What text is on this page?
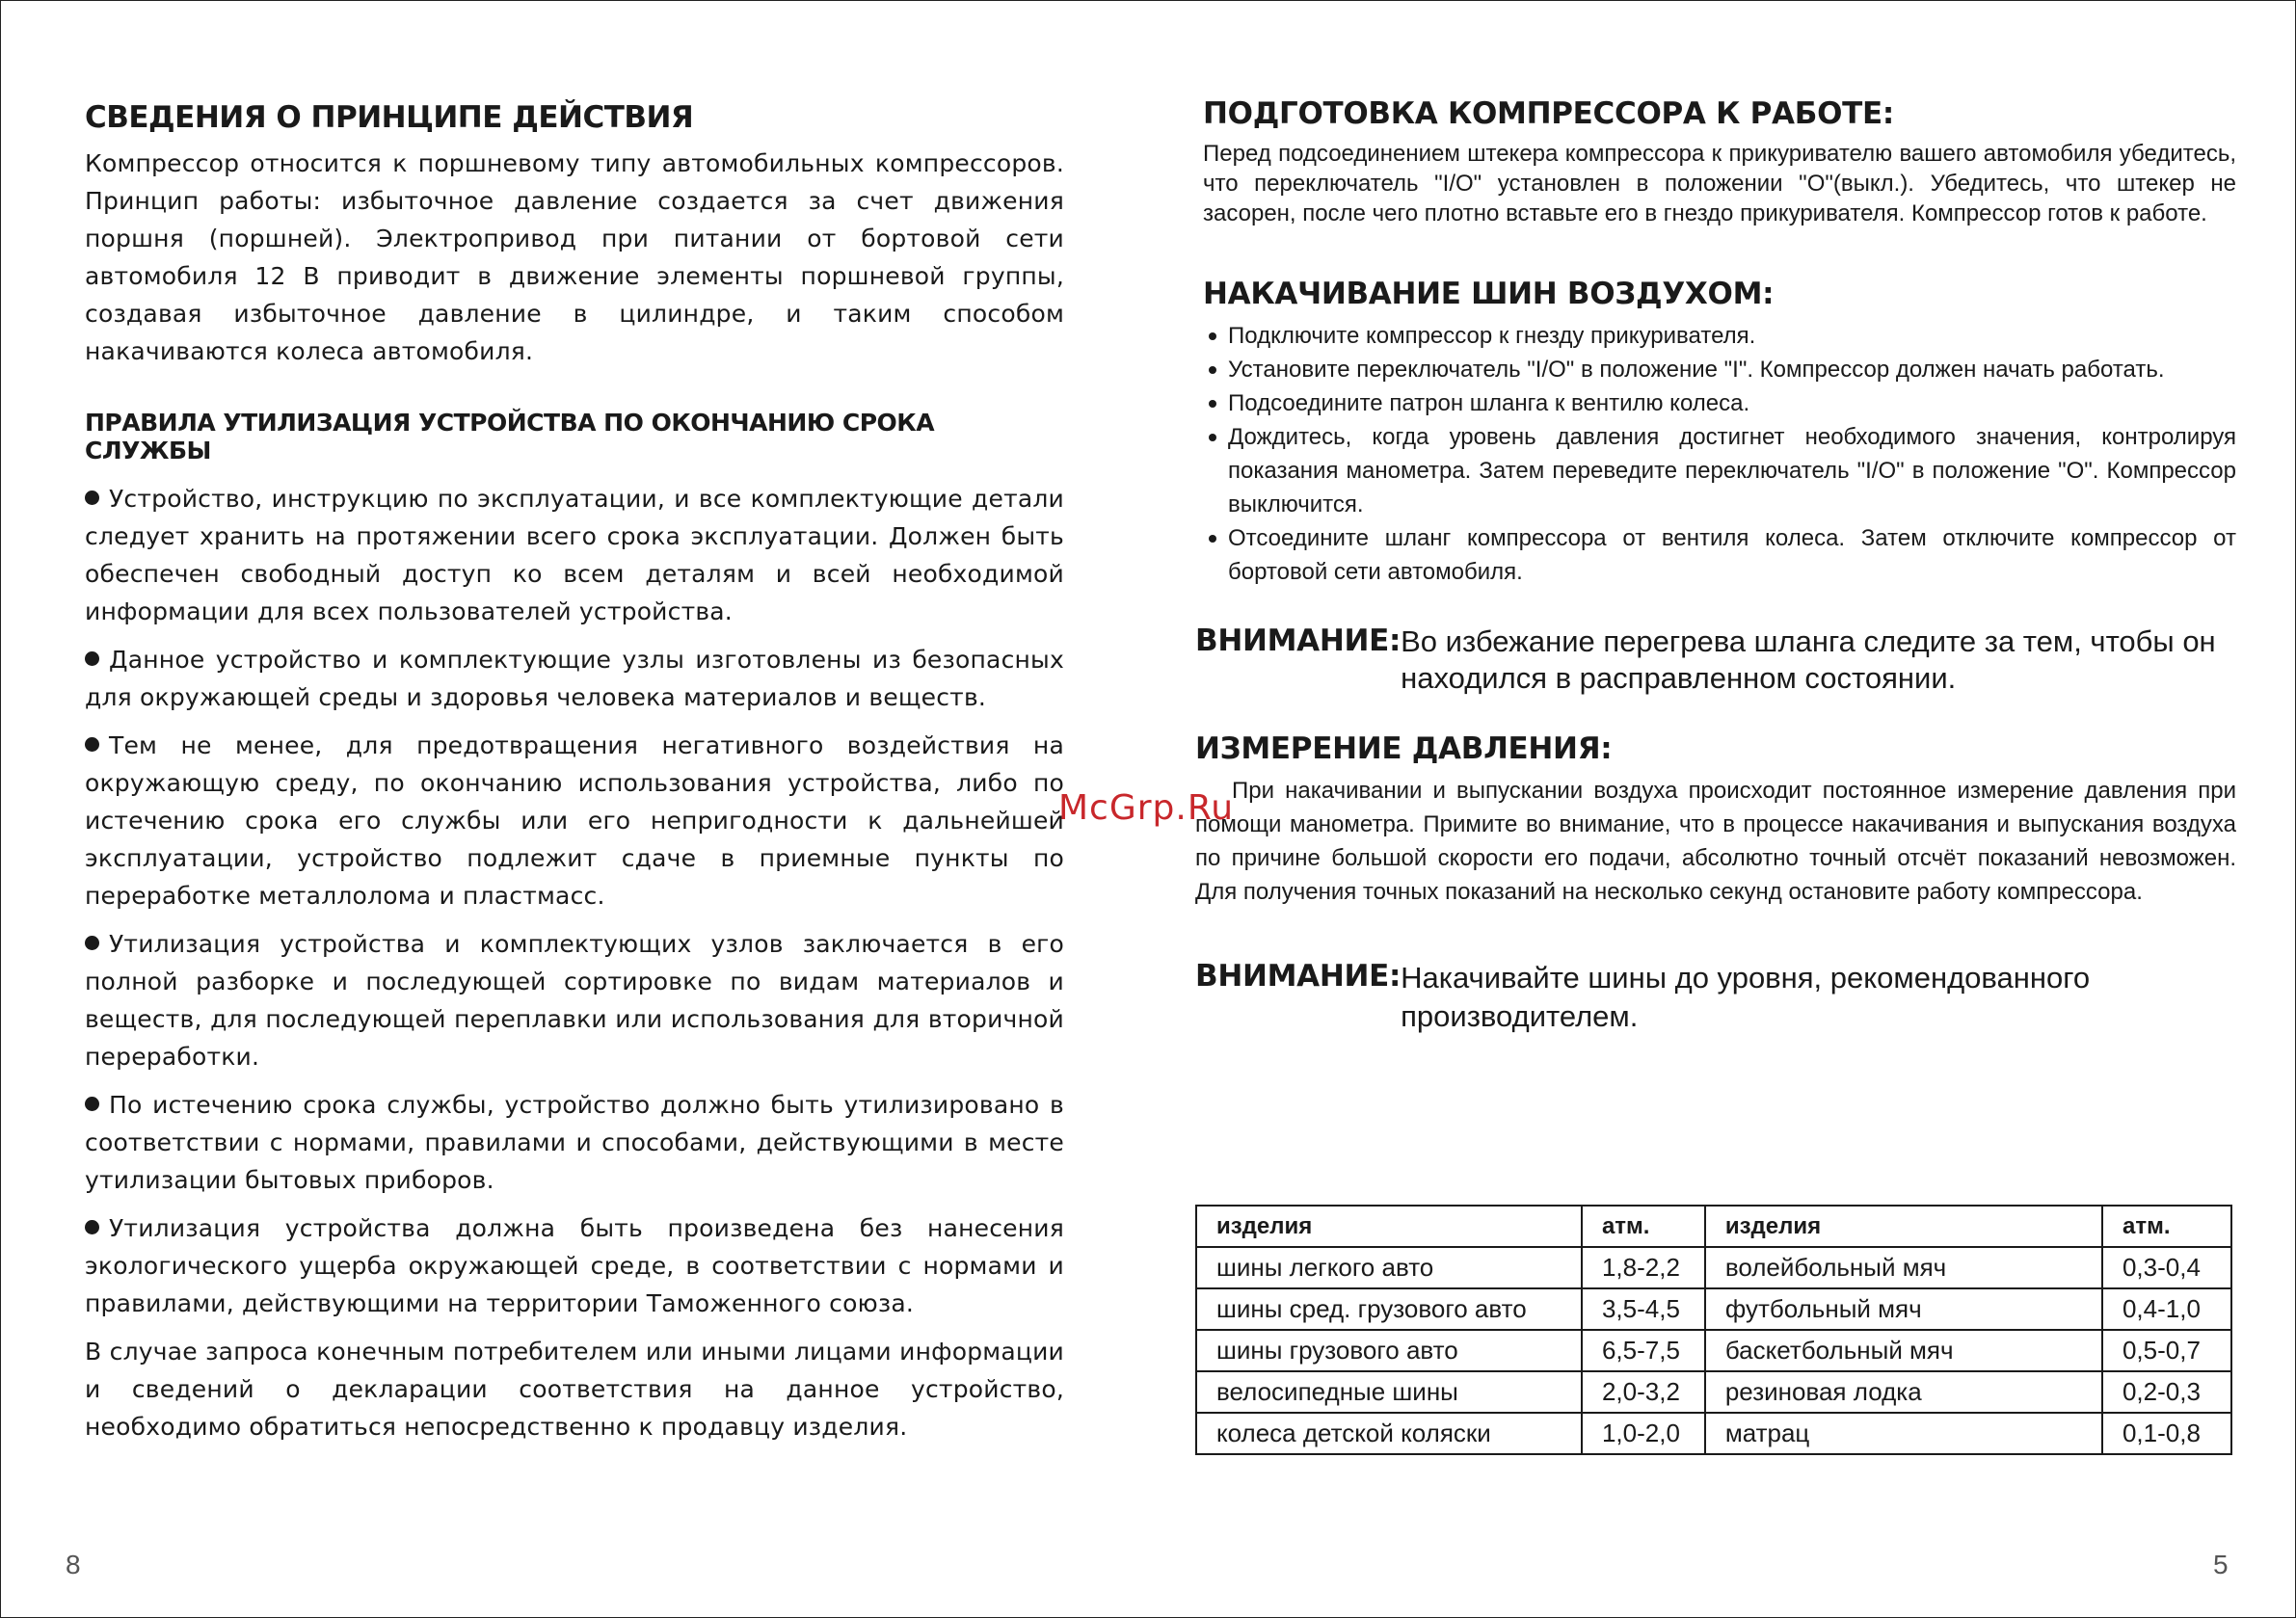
СВЕДЕНИЯ О ПРИНЦИПЕ ДЕЙСТВИЯ

Компрессор относится к поршневому типу автомобильных компрессоров. Принцип работы: избыточное давление создается за счет движения поршня (поршней). Электропривод при питании от бортовой сети автомобиля 12 В приводит в движение элементы поршневой группы, создавая избыточное давление в цилиндре, и таким способом накачиваются колеса автомобиля.

ПРАВИЛА УТИЛИЗАЦИЯ УСТРОЙСТВА ПО ОКОНЧАНИЮ СРОКА СЛУЖБЫ

Устройство, инструкцию по эксплуатации, и все комплектующие детали следует хранить на протяжении всего срока эксплуатации. Должен быть обеспечен свободный доступ ко всем деталям и всей необходимой информации для всех пользователей устройства.

Данное устройство и комплектующие узлы изготовлены из безопасных для окружающей среды и здоровья человека материалов и веществ.

Тем не менее, для предотвращения негативного воздействия на окружающую среду, по окончанию использования устройства, либо по истечению срока его службы или его непригодности к дальнейшей эксплуатации, устройство подлежит сдаче в приемные пункты по переработке металлолома и пластмасс.

Утилизация устройства и комплектующих узлов заключается в его полной разборке и последующей сортировке по видам материалов и веществ, для последующей переплавки или использования для вторичной переработки.

По истечению срока службы, устройство должно быть утилизировано в соответствии с нормами, правилами и способами, действующими в месте утилизации бытовых приборов.

Утилизация устройства должна быть произведена без нанесения экологического ущерба окружающей среде, в соответствии с нормами и правилами, действующими на территории Таможенного союза.

В случае запроса конечным потребителем или иными лицами информации и сведений о декларации соответствия на данное устройство, необходимо обратиться непосредственно к продавцу изделия.

8
ПОДГОТОВКА КОМПРЕССОРА К РАБОТЕ:

Перед подсоединением штекера компрессора к прикуривателю вашего автомобиля убедитесь, что переключатель "I/O" установлен в положении "O"(выкл.). Убедитесь, что штекер не засорен, после чего плотно вставьте его в гнездо прикуривателя. Компрессор готов к работе.

НАКАЧИВАНИЕ ШИН ВОЗДУХОМ:
Подключите компрессор к гнезду прикуривателя.
Установите переключатель "I/O" в положение "I". Компрессор должен начать работать.
Подсоедините патрон шланга к вентилю колеса.
Дождитесь, когда уровень давления достигнет необходимого значения, контролируя показания манометра. Затем переведите переключатель "I/O" в положение "O". Компрессор выключится.
Отсоедините шланг компрессора от вентиля колеса. Затем отключите компрессор от бортовой сети автомобиля.
ВНИМАНИЕ: Во избежание перегрева шланга следите за тем, чтобы он находился в расправленном состоянии.
ИЗМЕРЕНИЕ ДАВЛЕНИЯ:

При накачивании и выпускании воздуха происходит постоянное измерение давления при помощи манометра. Примите во внимание, что в процессе накачивания и выпускания воздуха по причине большой скорости его подачи, абсолютно точный отсчёт показаний невозможен. Для получения точных показаний на несколько секунд остановите работу компрессора.

ВНИМАНИЕ: Накачивайте шины до уровня, рекомендованного производителем.
изделия	атм.	изделия	атм.
шины легкого авто	1,8-2,2	волейбольный мяч	0,3-0,4
шины сред. грузового авто	3,5-4,5	футбольный мяч	0,4-1,0
шины грузового авто	6,5-7,5	баскетбольный мяч	0,5-0,7
велосипедные шины	2,0-3,2	резиновая лодка	0,2-0,3
колеса детской коляски	1,0-2,0	матрац	0,1-0,8
5
McGrp.Ru
